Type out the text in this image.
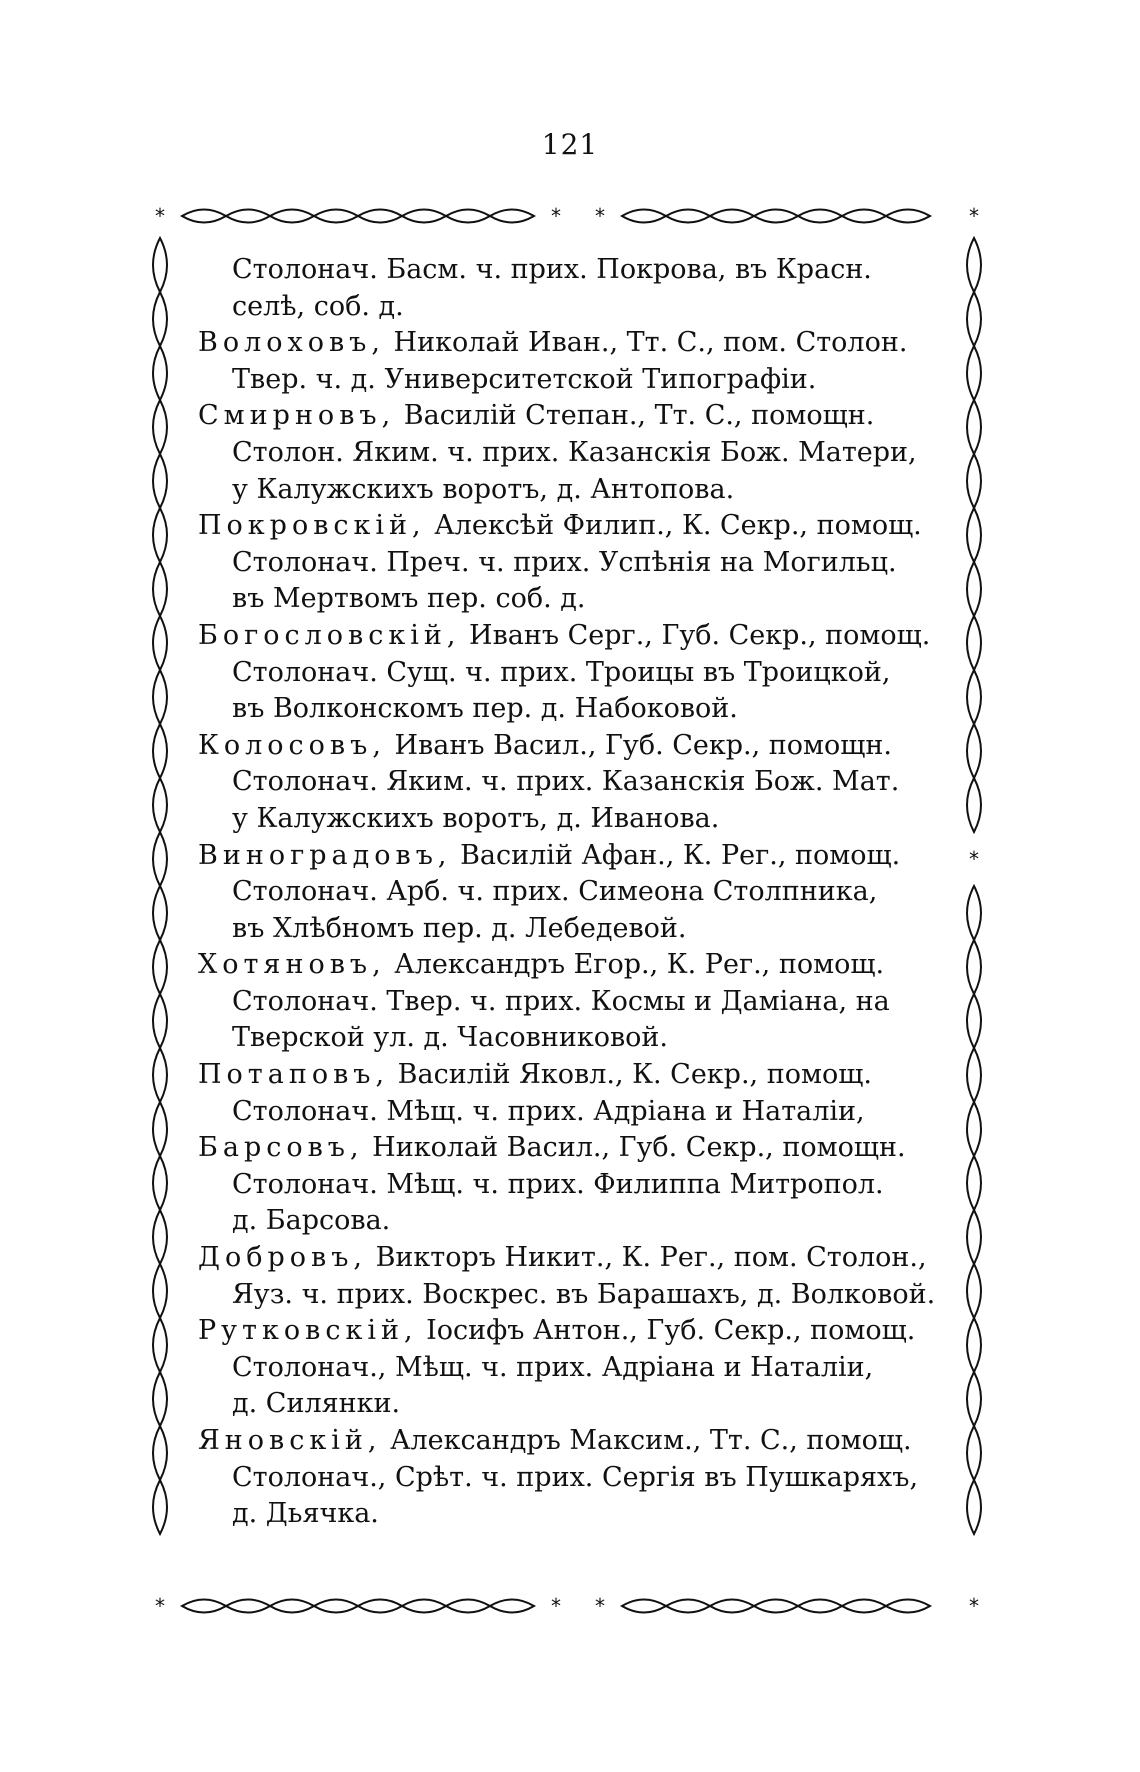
121
* *
*	*
* *
*	*
*
Столонач. Басм. ч. прих. Покрова, въ Красн.
селѣ, соб. д.
Волоховъ, Николай Иван., Тт. С., пом. Столон.
Твер. ч. д. Университетской Типографіи.
Смирновъ, Василій Степан., Тт. С., помощн.
Столон. Яким. ч. прих. Казанскія Бож. Матери,
у Калужскихъ воротъ, д. Антопова.
Покровскій, Алексѣй Филип., К. Секр., помощ.
Столонач. Преч. ч. прих. Успѣнія на Могильц.
въ Мертвомъ пер. соб. д.
Богословскій, Иванъ Серг., Губ. Секр., помощ.
Столонач. Сущ. ч. прих. Троицы въ Троицкой,
въ Волконскомъ пер. д. Набоковой.
Колосовъ, Иванъ Васил., Губ. Секр., помощн.
Столонач. Яким. ч. прих. Казанскія Бож. Мат.
у Калужскихъ воротъ, д. Иванова.
Виноградовъ, Василій Афан., К. Рег., помощ.
Столонач. Арб. ч. прих. Симеона Столпника,
въ Хлѣбномъ пер. д. Лебедевой.
Хотяновъ, Александръ Егор., К. Рег., помощ.
Столонач. Твер. ч. прих. Космы и Даміана, на
Тверской ул. д. Часовниковой.
Потаповъ, Василій Яковл., К. Секр., помощ.
Столонач. Мѣщ. ч. прих. Адріана и Наталіи,
Барсовъ, Николай Васил., Губ. Секр., помощн.
Столонач. Мѣщ. ч. прих. Филиппа Митропол.
д. Барсова.
Добровъ, Викторъ Никит., К. Рег., пом. Столон.,
Яуз. ч. прих. Воскрес. въ Барашахъ, д. Волковой.
Рутковскій, Іосифъ Антон., Губ. Секр., помощ.
Столонач., Мѣщ. ч. прих. Адріана и Наталіи,
д. Силянки.
Яновскій, Александръ Максим., Тт. С., помощ.
Столонач., Срѣт. ч. прих. Сергія въ Пушкаряхъ,
д. Дьячка.
